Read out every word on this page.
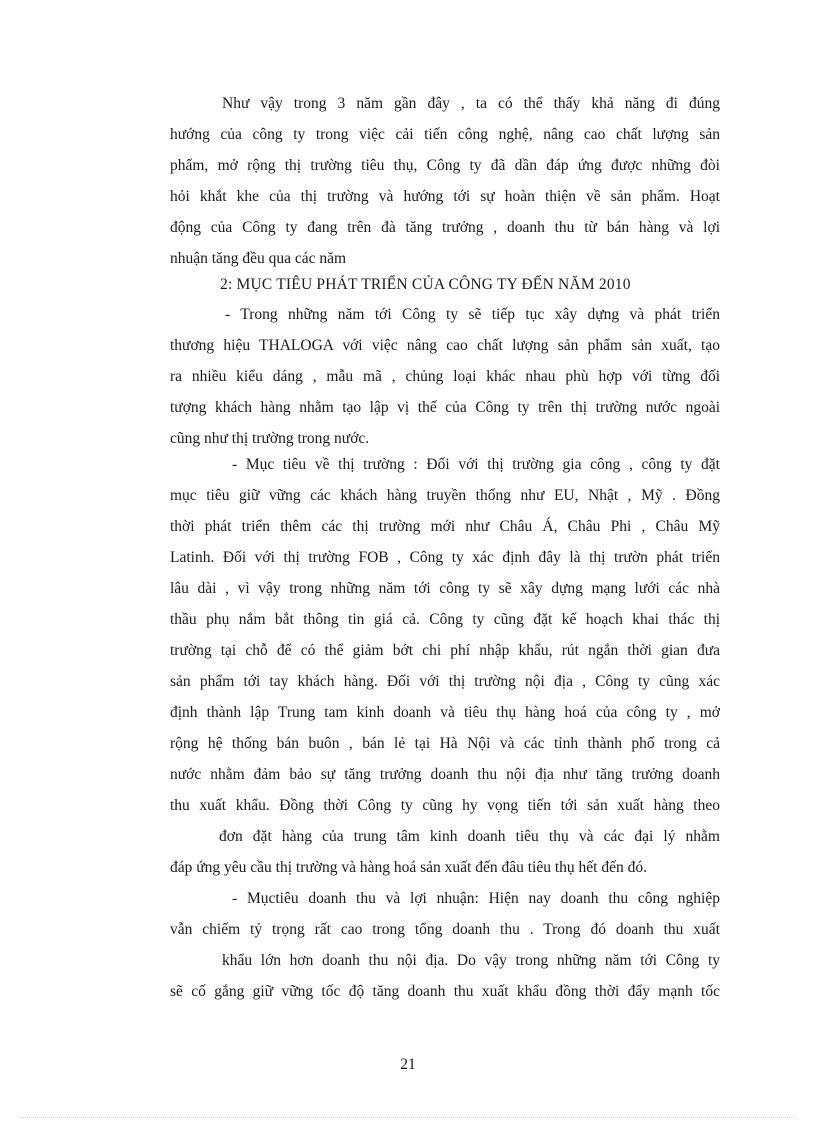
Như vậy trong 3 năm gần đây , ta có thể thấy khả năng đi đúng
hướng của công ty trong việc cải tiến công nghệ, nâng cao chất lượng sản
phẩm, mở rộng thị trường tiêu thụ, Công ty đã dần đáp ứng được những đòi
hỏi khắt khe của thị trường và hướng tới sự hoàn thiện về sản phẩm. Hoạt
động của Công ty đang trên đà tăng trưởng , doanh thu từ bán hàng và lợi
nhuận tăng đều qua các năm
2: MỤC TIÊU PHÁT TRIỂN CỦA CÔNG TY ĐẾN NĂM 2010
- Trong những năm tới Công ty sẽ tiếp tục xây dựng và phát triển
thương hiệu THALOGA với việc nâng cao chất lượng sản phẩm sản xuất, tạo
ra nhiều kiểu dáng , mẫu mã , chủng loại khác nhau phù hợp với từng đối
tượng khách hàng nhằm tạo lập vị thế của Công ty trên thị trường nước ngoài
cũng như thị trường trong nước.
- Mục tiêu về thị trường : Đối với thị trường gia công , công ty đặt
mục tiêu giữ vững các khách hàng truyền thống như EU, Nhật , Mỹ . Đồng
thời phát triển thêm các thị trường mới như Châu Á, Châu Phi , Châu Mỹ
Latinh. Đối với thị trường FOB , Công ty xác định đây là thị trườn phát triển
lâu dài , vì vậy trong những năm tới công ty sẽ xây dựng mạng lưới các nhà
thầu phụ nắm bắt thông tin giá cả. Công ty cũng đặt kế hoạch khai thác thị
trường tại chỗ để có thể giảm bớt chi phí nhập khẩu, rút ngắn thời gian đưa
sản phẩm tới tay khách hàng. Đối với thị trường nội địa , Công ty cũng xác
định thành lập Trung tam kinh doanh và tiêu thụ hàng hoá của công ty , mở
rộng hệ thống bán buôn , bán lẻ tại Hà Nội và các tỉnh thành phố trong cả
nước nhằm đảm bảo sự tăng trưởng doanh thu nội địa như tăng trưởng doanh
thu xuất khẩu. Đồng thời Công ty cũng hy vọng tiến tới sản xuất hàng theo
đơn đặt hàng của trung tâm kinh doanh tiêu thụ và các đại lý nhằm
đáp ứng yêu cầu thị trường và hàng hoá sản xuất đến đâu tiêu thụ hết đến đó.
- Mụctiêu doanh thu và lợi nhuận: Hiện nay doanh thu công nghiệp
vẫn chiếm tỷ trọng rất cao trong tổng doanh thu . Trong đó doanh thu xuất
khẩu lớn hơn doanh thu nội địa. Do vậy trong những năm tới Công ty
sẽ cố gắng giữ vững tốc độ tăng doanh thu xuất khẩu đồng thời đẩy mạnh tốc
21
